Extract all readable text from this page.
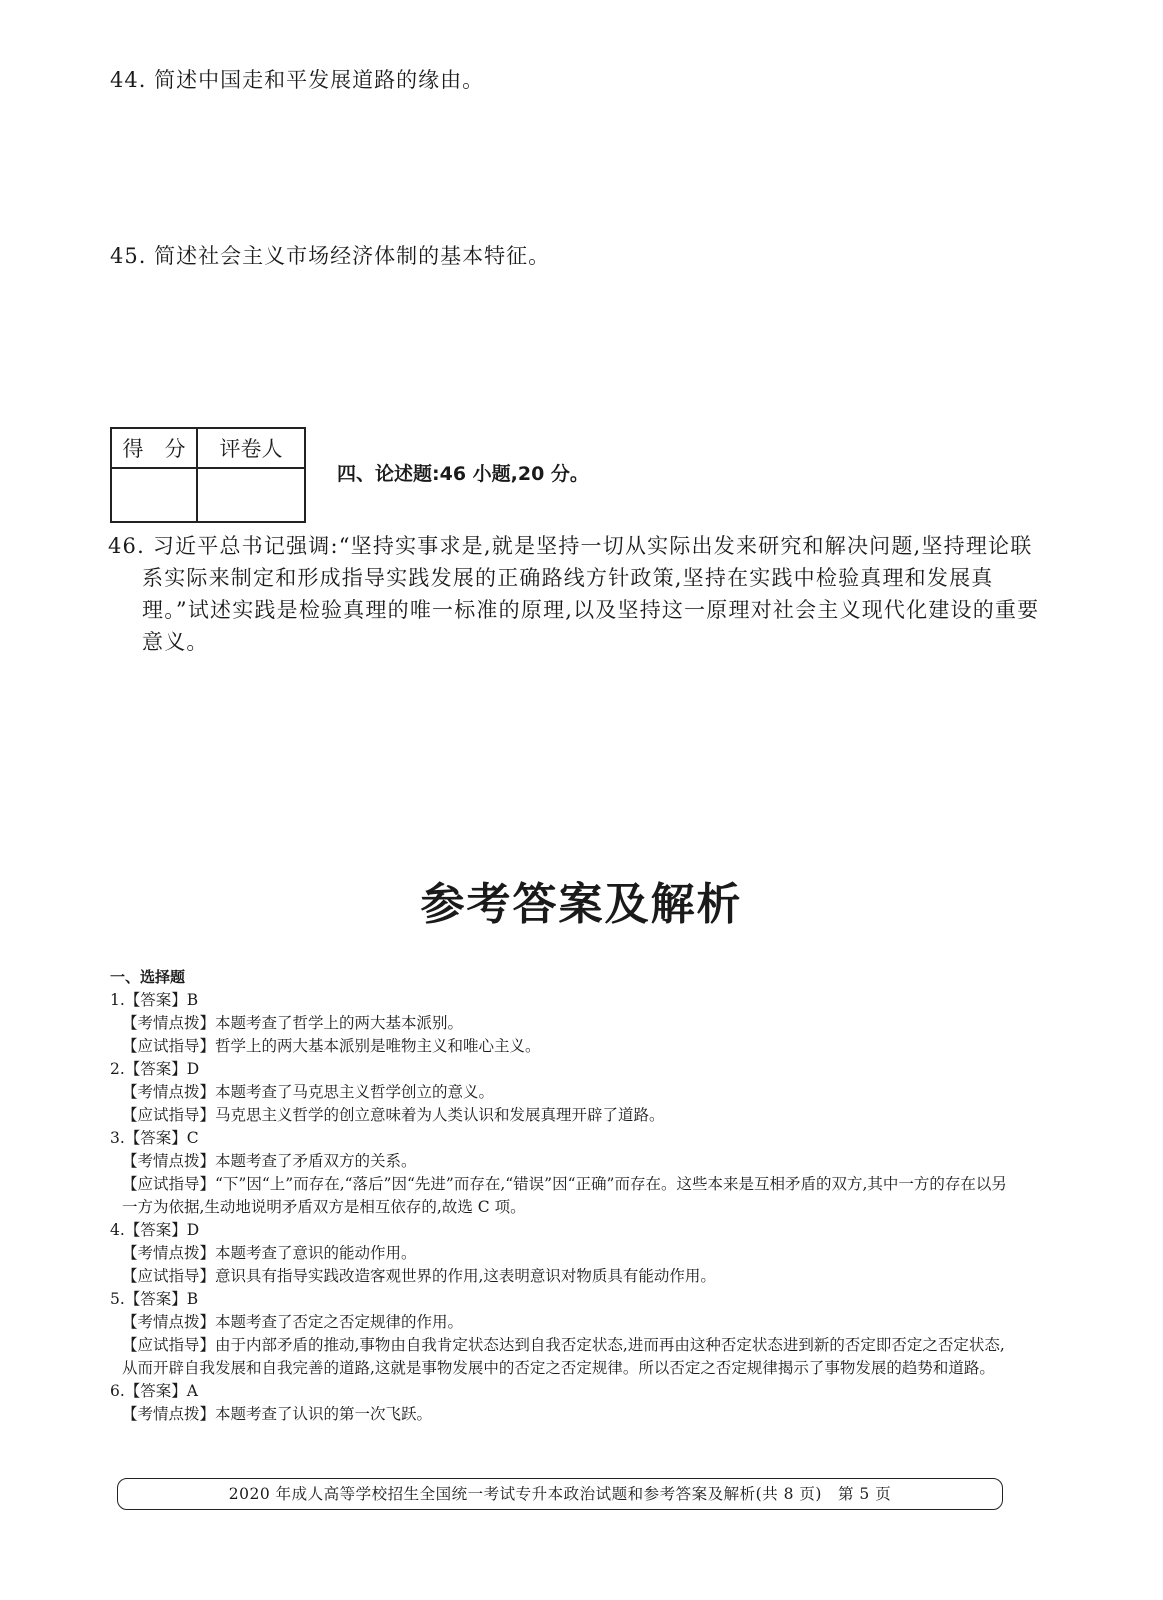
44. 简述中国走和平发展道路的缘由。
45. 简述社会主义市场经济体制的基本特征。
得　分	评卷人

四、论述题:46 小题,20 分。
46. 习近平总书记强调:“坚持实事求是,就是坚持一切从实际出发来研究和解决问题,坚持理论联系实际来制定和形成指导实践发展的正确路线方针政策,坚持在实践中检验真理和发展真理。”试述实践是检验真理的唯一标准的原理,以及坚持这一原理对社会主义现代化建设的重要意义。
参考答案及解析
一、选择题
1.【答案】B
【考情点拨】本题考查了哲学上的两大基本派别。
【应试指导】哲学上的两大基本派别是唯物主义和唯心主义。
2.【答案】D
【考情点拨】本题考查了马克思主义哲学创立的意义。
【应试指导】马克思主义哲学的创立意味着为人类认识和发展真理开辟了道路。
3.【答案】C
【考情点拨】本题考查了矛盾双方的关系。
【应试指导】“下”因“上”而存在,“落后”因“先进”而存在,“错误”因“正确”而存在。这些本来是互相矛盾的双方,其中一方的存在以另一方为依据,生动地说明矛盾双方是相互依存的,故选 C 项。
4.【答案】D
【考情点拨】本题考查了意识的能动作用。
【应试指导】意识具有指导实践改造客观世界的作用,这表明意识对物质具有能动作用。
5.【答案】B
【考情点拨】本题考查了否定之否定规律的作用。
【应试指导】由于内部矛盾的推动,事物由自我肯定状态达到自我否定状态,进而再由这种否定状态进到新的否定即否定之否定状态,从而开辟自我发展和自我完善的道路,这就是事物发展中的否定之否定规律。所以否定之否定规律揭示了事物发展的趋势和道路。
6.【答案】A
【考情点拨】本题考查了认识的第一次飞跃。
2020 年成人高等学校招生全国统一考试专升本政治试题和参考答案及解析(共 8 页)　第 5 页
